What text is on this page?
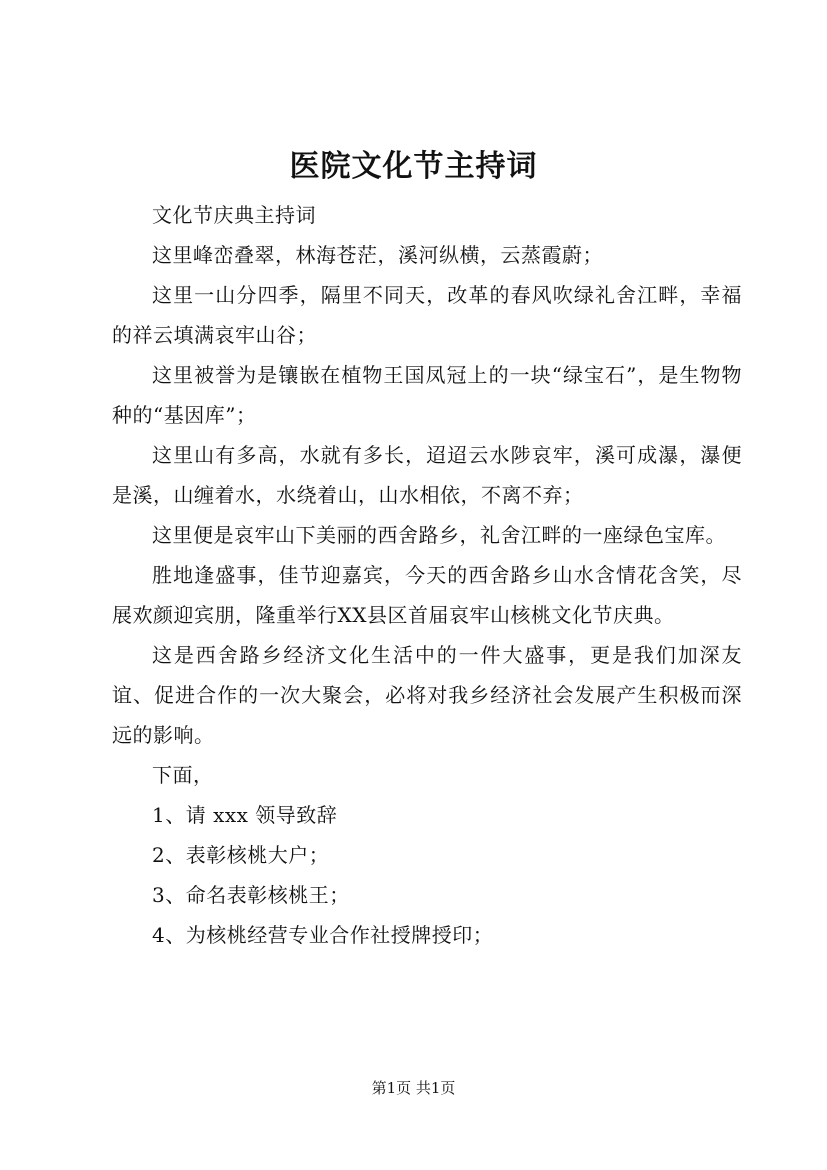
医院文化节主持词

文化节庆典主持词

这里峰峦叠翠，林海苍茫，溪河纵横，云蒸霞蔚；

这里一山分四季，隔里不同天，改革的春风吹绿礼舍江畔，幸福的祥云填满哀牢山谷；

这里被誉为是镶嵌在植物王国凤冠上的一块“绿宝石”，是生物物种的“基因库”；

这里山有多高，水就有多长，迢迢云水陟哀牢，溪可成瀑，瀑便是溪，山缠着水，水绕着山，山水相依，不离不弃；

这里便是哀牢山下美丽的西舍路乡，礼舍江畔的一座绿色宝库。

胜地逢盛事，佳节迎嘉宾，今天的西舍路乡山水含情花含笑，尽展欢颜迎宾朋，隆重举行XX县区首届哀牢山核桃文化节庆典。

这是西舍路乡经济文化生活中的一件大盛事，更是我们加深友谊、促进合作的一次大聚会，必将对我乡经济社会发展产生积极而深远的影响。

下面，

1、请 xxx 领导致辞

2、表彰核桃大户；

3、命名表彰核桃王；

4、为核桃经营专业合作社授牌授印；

第1页 共1页
